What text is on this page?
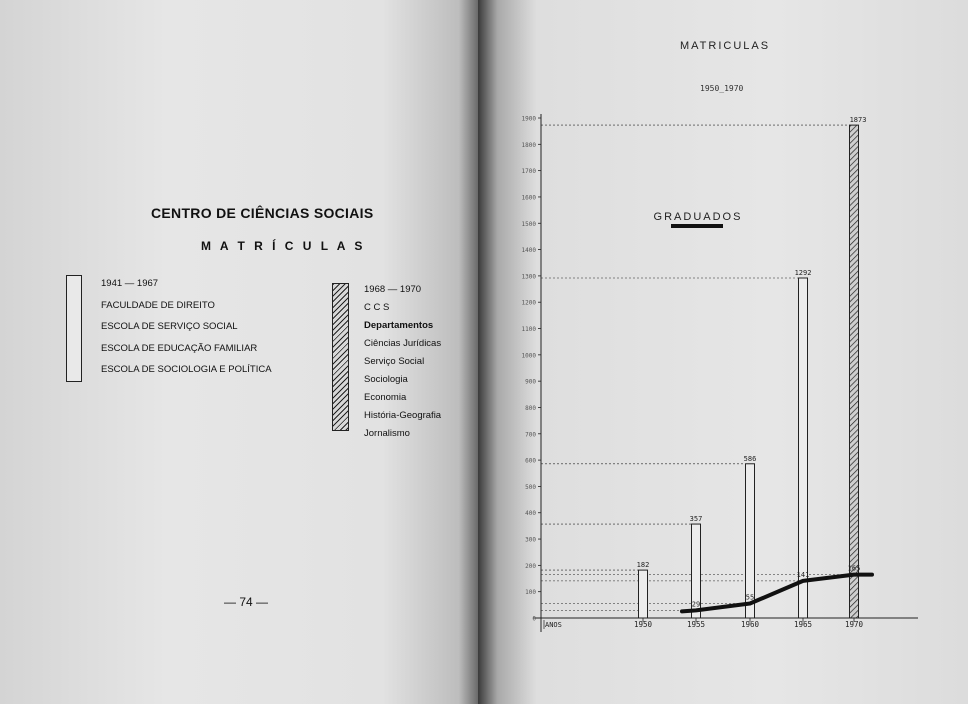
CENTRO DE CIÊNCIAS SOCIAIS
M A T R Í C U L A S
1941 — 1967
FACULDADE DE DIREITO
ESCOLA DE SERVIÇO SOCIAL
ESCOLA DE EDUCAÇÃO FAMILIAR
ESCOLA DE SOCIOLOGIA E POLÍTICA
1968 — 1970
C C S
Departamentos
Ciências Jurídicas
Serviço Social
Sociologia
Economia
História-Geografia
Jornalismo
— 74 —
MATRICULAS
1950_1970
0
100
200
300
400
500
600
700
800
900
1000
1100
1200
1300
1400
1500
1600
1700
1800
1900
1950	1955	1960	1965	1970
ANOS
182
357
586
1292
1873
29
55
141
165
GRADUADOS
